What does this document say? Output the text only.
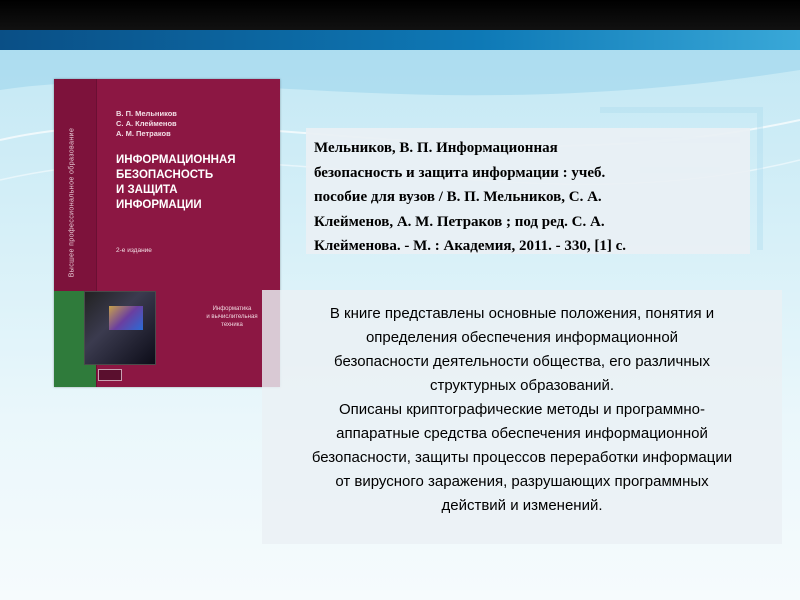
Высшее профессиональное образование
В. П. Мельников
С. А. Клейменов
А. М. Петраков
ИНФОРМАЦИОННАЯ
БЕЗОПАСНОСТЬ
И ЗАЩИТА
ИНФОРМАЦИИ
2-е издание
Информатика
и вычислительная
техника
Мельников, В. П. Информационная
безопасность и защита информации : учеб.
пособие для вузов / В. П. Мельников, С. А.
Клейменов, А. М. Петраков ; под ред. С. А.
Клейменова. - М. : Академия, 2011. - 330, [1] с.
В книге представлены основные положения, понятия и
определения обеспечения информационной
безопасности деятельности общества, его различных
структурных образований.
Описаны криптографические методы и программно-
аппаратные средства обеспечения информационной
безопасности, защиты процессов переработки информации
от вирусного заражения, разрушающих программных
действий и изменений.
